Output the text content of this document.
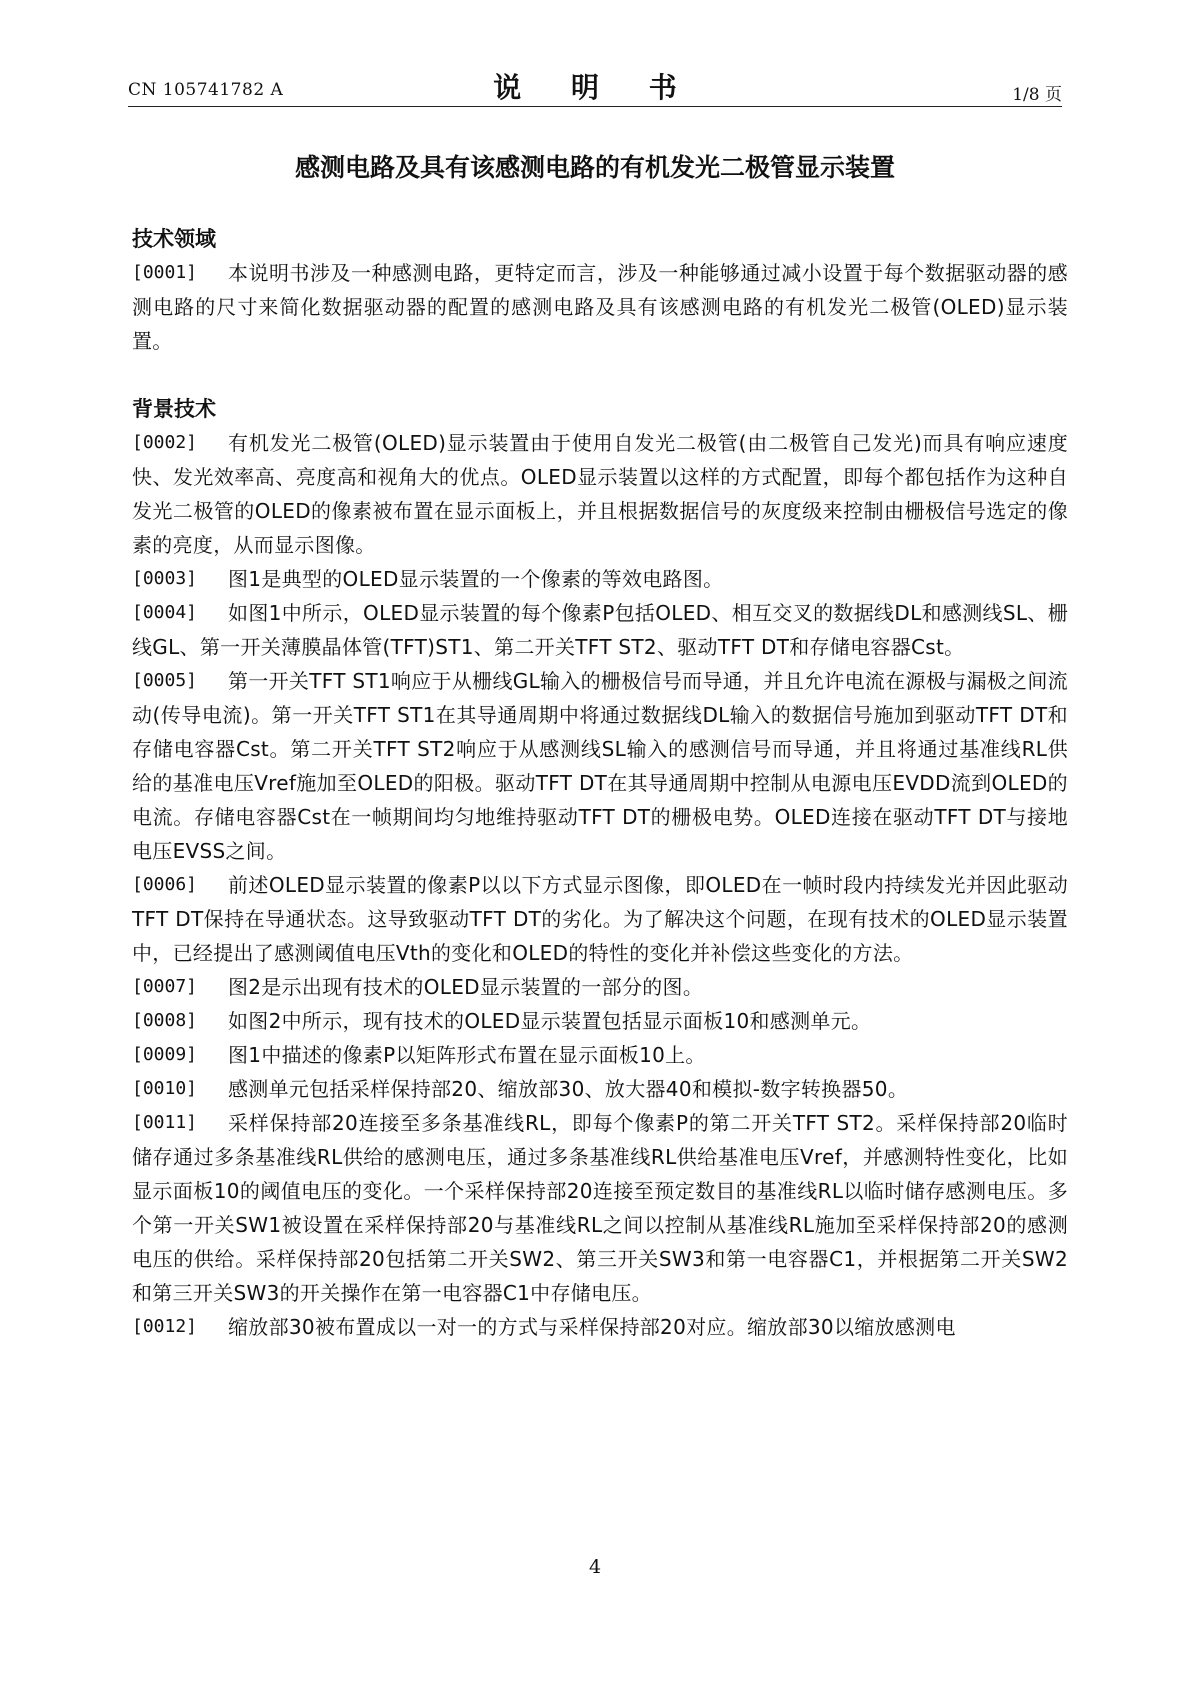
CN 105741782 A	说 明 书	1/8 页
感测电路及具有该感测电路的有机发光二极管显示装置
技术领域
[0001] 本说明书涉及一种感测电路，更特定而言，涉及一种能够通过减小设置于每个数据驱动器的感测电路的尺寸来简化数据驱动器的配置的感测电路及具有该感测电路的有机发光二极管(OLED)显示装置。
背景技术
[0002] 有机发光二极管(OLED)显示装置由于使用自发光二极管(由二极管自己发光)而具有响应速度快、发光效率高、亮度高和视角大的优点。OLED显示装置以这样的方式配置，即每个都包括作为这种自发光二极管的OLED的像素被布置在显示面板上，并且根据数据信号的灰度级来控制由栅极信号选定的像素的亮度，从而显示图像。
[0003] 图1是典型的OLED显示装置的一个像素的等效电路图。
[0004] 如图1中所示，OLED显示装置的每个像素P包括OLED、相互交叉的数据线DL和感测线SL、栅线GL、第一开关薄膜晶体管(TFT)ST1、第二开关TFT ST2、驱动TFT DT和存储电容器Cst。
[0005] 第一开关TFT ST1响应于从栅线GL输入的栅极信号而导通，并且允许电流在源极与漏极之间流动(传导电流)。第一开关TFT ST1在其导通周期中将通过数据线DL输入的数据信号施加到驱动TFT DT和存储电容器Cst。第二开关TFT ST2响应于从感测线SL输入的感测信号而导通，并且将通过基准线RL供给的基准电压Vref施加至OLED的阳极。驱动TFT DT在其导通周期中控制从电源电压EVDD流到OLED的电流。存储电容器Cst在一帧期间均匀地维持驱动TFT DT的栅极电势。OLED连接在驱动TFT DT与接地电压EVSS之间。
[0006] 前述OLED显示装置的像素P以以下方式显示图像，即OLED在一帧时段内持续发光并因此驱动TFT DT保持在导通状态。这导致驱动TFT DT的劣化。为了解决这个问题，在现有技术的OLED显示装置中，已经提出了感测阈值电压Vth的变化和OLED的特性的变化并补偿这些变化的方法。
[0007] 图2是示出现有技术的OLED显示装置的一部分的图。
[0008] 如图2中所示，现有技术的OLED显示装置包括显示面板10和感测单元。
[0009] 图1中描述的像素P以矩阵形式布置在显示面板10上。
[0010] 感测单元包括采样保持部20、缩放部30、放大器40和模拟-数字转换器50。
[0011] 采样保持部20连接至多条基准线RL，即每个像素P的第二开关TFT ST2。采样保持部20临时储存通过多条基准线RL供给的感测电压，通过多条基准线RL供给基准电压Vref，并感测特性变化，比如显示面板10的阈值电压的变化。一个采样保持部20连接至预定数目的基准线RL以临时储存感测电压。多个第一开关SW1被设置在采样保持部20与基准线RL之间以控制从基准线RL施加至采样保持部20的感测电压的供给。采样保持部20包括第二开关SW2、第三开关SW3和第一电容器C1，并根据第二开关SW2和第三开关SW3的开关操作在第一电容器C1中存储电压。
[0012] 缩放部30被布置成以一对一的方式与采样保持部20对应。缩放部30以缩放感测电
4
